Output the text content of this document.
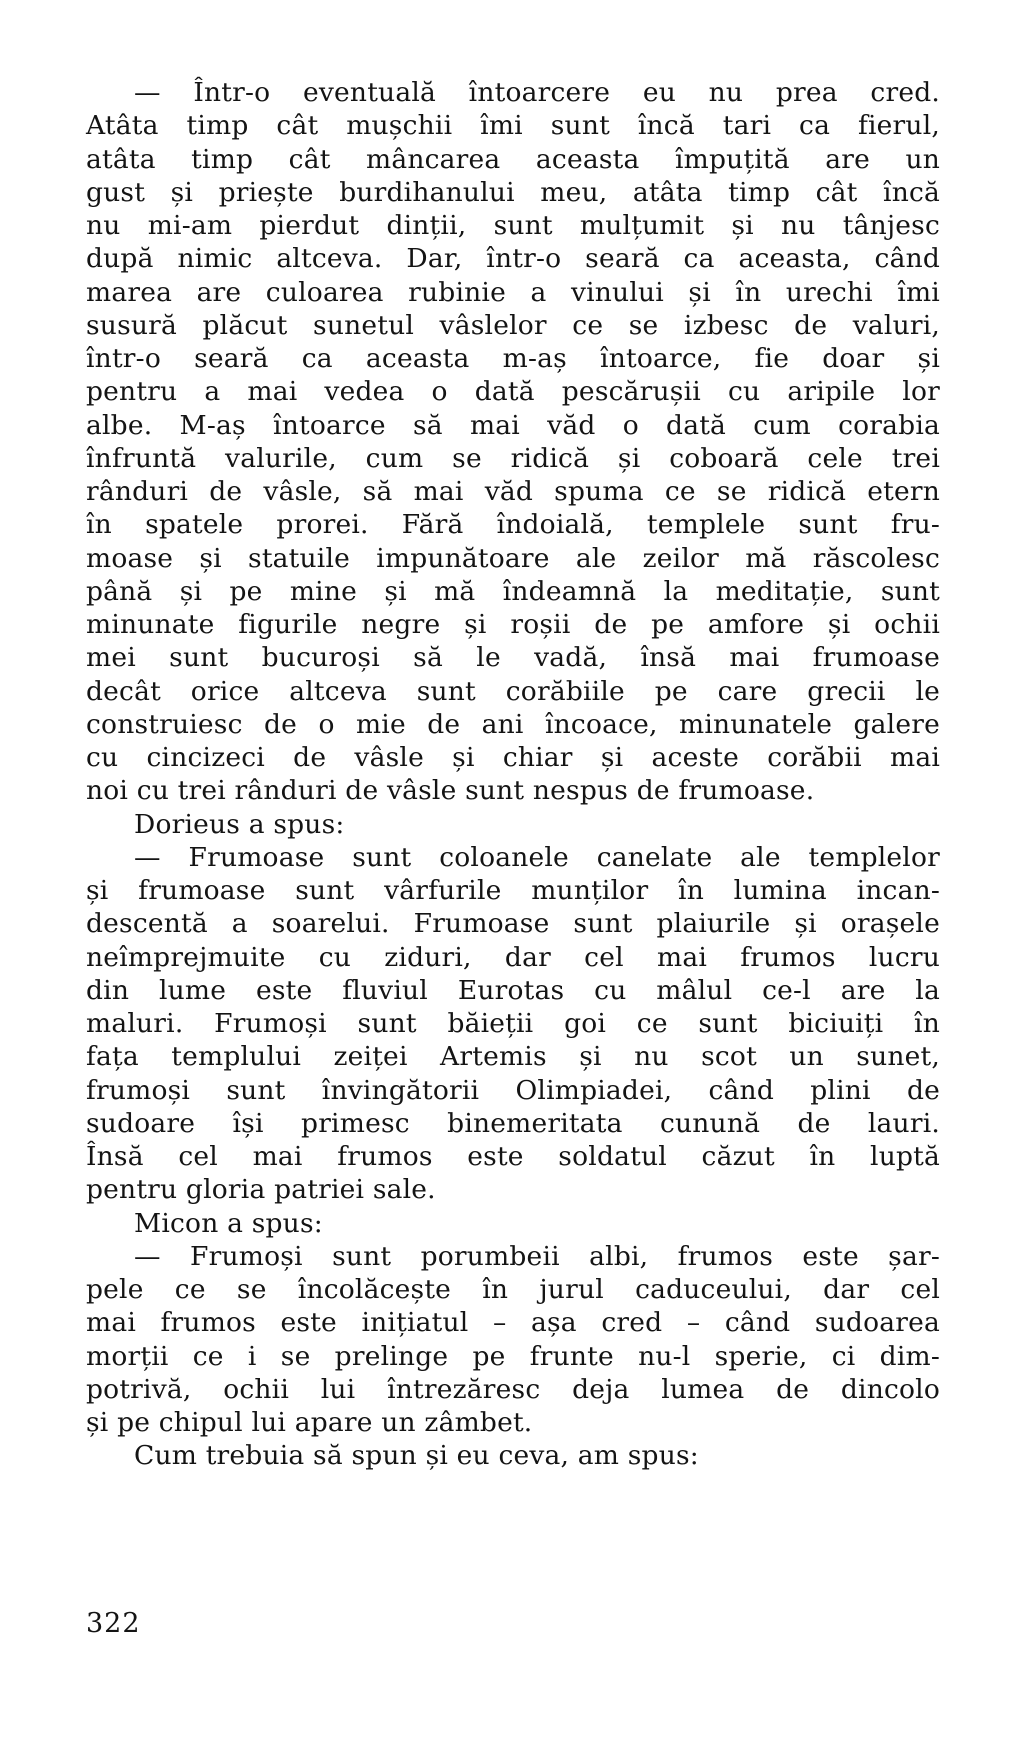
— Într-o eventuală întoarcere eu nu prea cred.
Atâta timp cât mușchii îmi sunt încă tari ca fierul,
atâta timp cât mâncarea aceasta împuțită are un
gust și priește burdihanului meu, atâta timp cât încă
nu mi-am pierdut dinții, sunt mulțumit și nu tânjesc
după nimic altceva. Dar, într-o seară ca aceasta, când
marea are culoarea rubinie a vinului și în urechi îmi
susură plăcut sunetul vâslelor ce se izbesc de valuri,
într-o seară ca aceasta m-aș întoarce, fie doar și
pentru a mai vedea o dată pescărușii cu aripile lor
albe. M-aș întoarce să mai văd o dată cum corabia
înfruntă valurile, cum se ridică și coboară cele trei
rânduri de vâsle, să mai văd spuma ce se ridică etern
în spatele prorei. Fără îndoială, templele sunt fru-
moase și statuile impunătoare ale zeilor mă răscolesc
până și pe mine și mă îndeamnă la meditație, sunt
minunate figurile negre și roșii de pe amfore și ochii
mei sunt bucuroși să le vadă, însă mai frumoase
decât orice altceva sunt corăbiile pe care grecii le
construiesc de o mie de ani încoace, minunatele galere
cu cincizeci de vâsle și chiar și aceste corăbii mai
noi cu trei rânduri de vâsle sunt nespus de frumoase.
Dorieus a spus:
— Frumoase sunt coloanele canelate ale templelor
și frumoase sunt vârfurile munților în lumina incan-
descentă a soarelui. Frumoase sunt plaiurile și orașele
neîmprejmuite cu ziduri, dar cel mai frumos lucru
din lume este fluviul Eurotas cu mâlul ce-l are la
maluri. Frumoși sunt băieții goi ce sunt biciuiți în
fața templului zeiței Artemis și nu scot un sunet,
frumoși sunt învingătorii Olimpiadei, când plini de
sudoare își primesc binemeritata cunună de lauri.
Însă cel mai frumos este soldatul căzut în luptă
pentru gloria patriei sale.
Micon a spus:
— Frumoși sunt porumbeii albi, frumos este șar-
pele ce se încolăcește în jurul caduceului, dar cel
mai frumos este inițiatul – așa cred – când sudoarea
morții ce i se prelinge pe frunte nu-l sperie, ci dim-
potrivă, ochii lui întrezăresc deja lumea de dincolo
și pe chipul lui apare un zâmbet.
Cum trebuia să spun și eu ceva, am spus:
322
